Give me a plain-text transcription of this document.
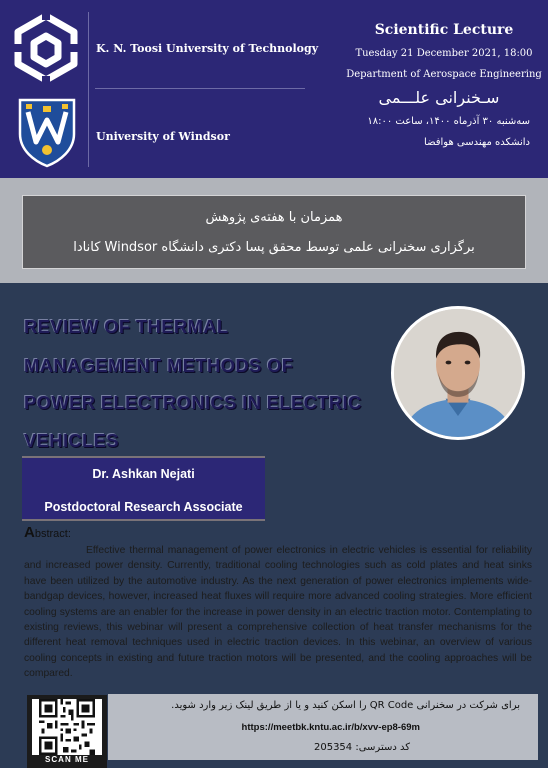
K. N. Toosi University of Technology
University of Windsor
Scientific Lecture
Tuesday 21 December 2021, 18:00
Department of Aerospace Engineering
سـخنرانی علـــمی
سه‌شنبه ۳۰ آذرماه ۱۴۰۰، ساعت ۱۸:۰۰
دانشکده مهندسی هوافضا
همزمان با هفته‌ی پژوهش
برگزاری سخنرانی علمی توسط محقق پسا دکتری دانشگاه Windsor کانادا
REVIEW OF THERMAL
MANAGEMENT METHODS OF
POWER ELECTRONICS IN ELECTRIC
VEHICLES
Dr. Ashkan Nejati
Postdoctoral Research Associate
Abstract:

Effective thermal management of power electronics in electric vehicles is essential for reliability and increased power density. Currently, traditional cooling technologies such as cold plates and heat sinks have been utilized by the automotive industry. As the next generation of power electronics implements wide-bandgap devices, however, increased heat fluxes will require more advanced cooling strategies. More efficient cooling systems are an enabler for the increase in power density in an electric traction motor. Contemplating to existing reviews, this webinar will present a comprehensive collection of heat transfer mechanisms for the different heat removal techniques used in electric traction devices. In this webinar, an overview of various cooling concepts in existing and future traction motors will be presented, and the cooling approaches will be compared.

SCAN ME
برای شرکت در سخنرانی QR Code را اسکن کنید و یا از طریق لینک زیر وارد شوید.
https://meetbk.kntu.ac.ir/b/xvv-ep8-69m
کد دسترسی: 205354
